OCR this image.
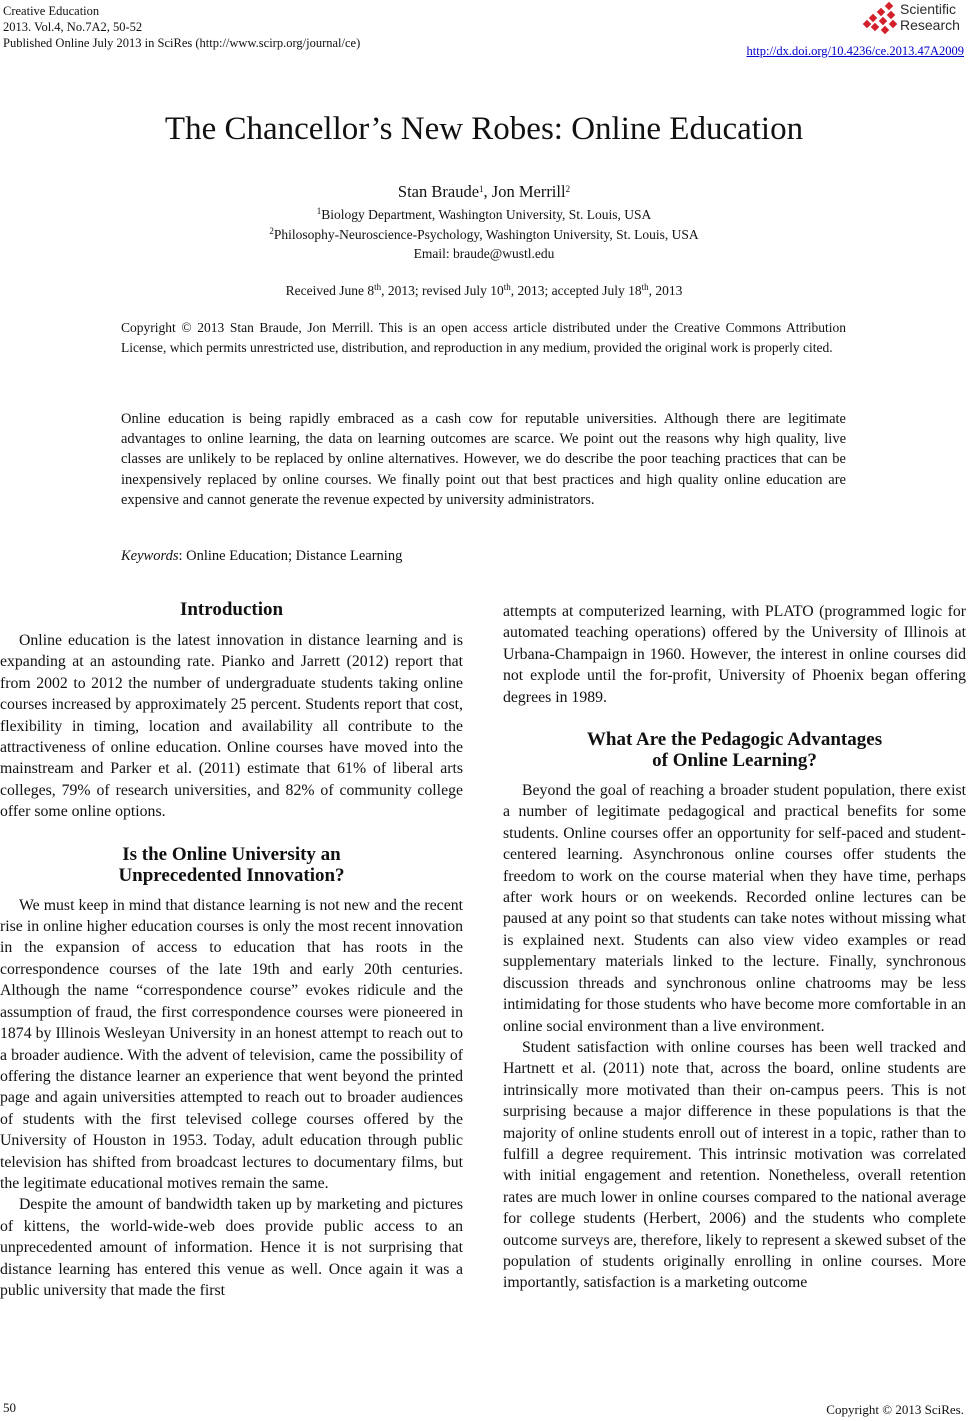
Creative Education
2013. Vol.4, No.7A2, 50-52
Published Online July 2013 in SciRes (http://www.scirp.org/journal/ce)
Scientific
Research
http://dx.doi.org/10.4236/ce.2013.47A2009
The Chancellor’s New Robes: Online Education
Stan Braude$^1$, Jon Merrill$^2$
$^1$Biology Department, Washington University, St. Louis, USA
$^2$Philosophy-Neuroscience-Psychology, Washington University, St. Louis, USA
Email: braude@wustl.edu
Received June 8th, 2013; revised July 10th, 2013; accepted July 18th, 2013
Copyright © 2013 Stan Braude, Jon Merrill. This is an open access article distributed under the Creative Commons Attribution License, which permits unrestricted use, distribution, and reproduction in any medium, provided the original work is properly cited.
Online education is being rapidly embraced as a cash cow for reputable universities. Although there are legitimate advantages to online learning, the data on learning outcomes are scarce. We point out the reasons why high quality, live classes are unlikely to be replaced by online alternatives. However, we do describe the poor teaching practices that can be inexpensively replaced by online courses. We finally point out that best practices and high quality online education are expensive and cannot generate the revenue expected by university administrators.
Keywords: Online Education; Distance Learning
Introduction

Online education is the latest innovation in distance learning and is expanding at an astounding rate. Pianko and Jarrett (2012) report that from 2002 to 2012 the number of undergraduate students taking online courses increased by approximately 25 percent. Students report that cost, flexibility in timing, location and availability all contribute to the attractiveness of online education. Online courses have moved into the mainstream and Parker et al. (2011) estimate that 61% of liberal arts colleges, 79% of research universities, and 82% of community college offer some online options.

Is the Online University an
Unprecedented Innovation?

We must keep in mind that distance learning is not new and the recent rise in online higher education courses is only the most recent innovation in the expansion of access to education that has roots in the correspondence courses of the late 19th and early 20th centuries. Although the name “correspondence course” evokes ridicule and the assumption of fraud, the first correspondence courses were pioneered in 1874 by Illinois Wesleyan University in an honest attempt to reach out to a broader audience. With the advent of television, came the possibility of offering the distance learner an experience that went beyond the printed page and again universities attempted to reach out to broader audiences of students with the first televised college courses offered by the University of Houston in 1953. Today, adult education through public television has shifted from broadcast lectures to documentary films, but the legitimate educational motives remain the same.

Despite the amount of bandwidth taken up by marketing and pictures of kittens, the world-wide-web does provide public access to an unprecedented amount of information. Hence it is not surprising that distance learning has entered this venue as well. Once again it was a public university that made the first

attempts at computerized learning, with PLATO (programmed logic for automated teaching operations) offered by the University of Illinois at Urbana-Champaign in 1960. However, the interest in online courses did not explode until the for-profit, University of Phoenix began offering degrees in 1989.

What Are the Pedagogic Advantages
of Online Learning?

Beyond the goal of reaching a broader student population, there exist a number of legitimate pedagogical and practical benefits for some students. Online courses offer an opportunity for self-paced and student-centered learning. Asynchronous online courses offer students the freedom to work on the course material when they have time, perhaps after work hours or on weekends. Recorded online lectures can be paused at any point so that students can take notes without missing what is explained next. Students can also view video examples or read supplementary materials linked to the lecture. Finally, synchronous discussion threads and synchronous online chatrooms may be less intimidating for those students who have become more comfortable in an online social environment than a live environment.

Student satisfaction with online courses has been well tracked and Hartnett et al. (2011) note that, across the board, online students are intrinsically more motivated than their on-campus peers. This is not surprising because a major difference in these populations is that the majority of online students enroll out of interest in a topic, rather than to fulfill a degree requirement. This intrinsic motivation was correlated with initial engagement and retention. Nonetheless, overall retention rates are much lower in online courses compared to the national average for college students (Herbert, 2006) and the students who complete outcome surveys are, therefore, likely to represent a skewed subset of the population of students originally enrolling in online courses. More importantly, satisfaction is a marketing outcome

50	Copyright © 2013 SciRes.
